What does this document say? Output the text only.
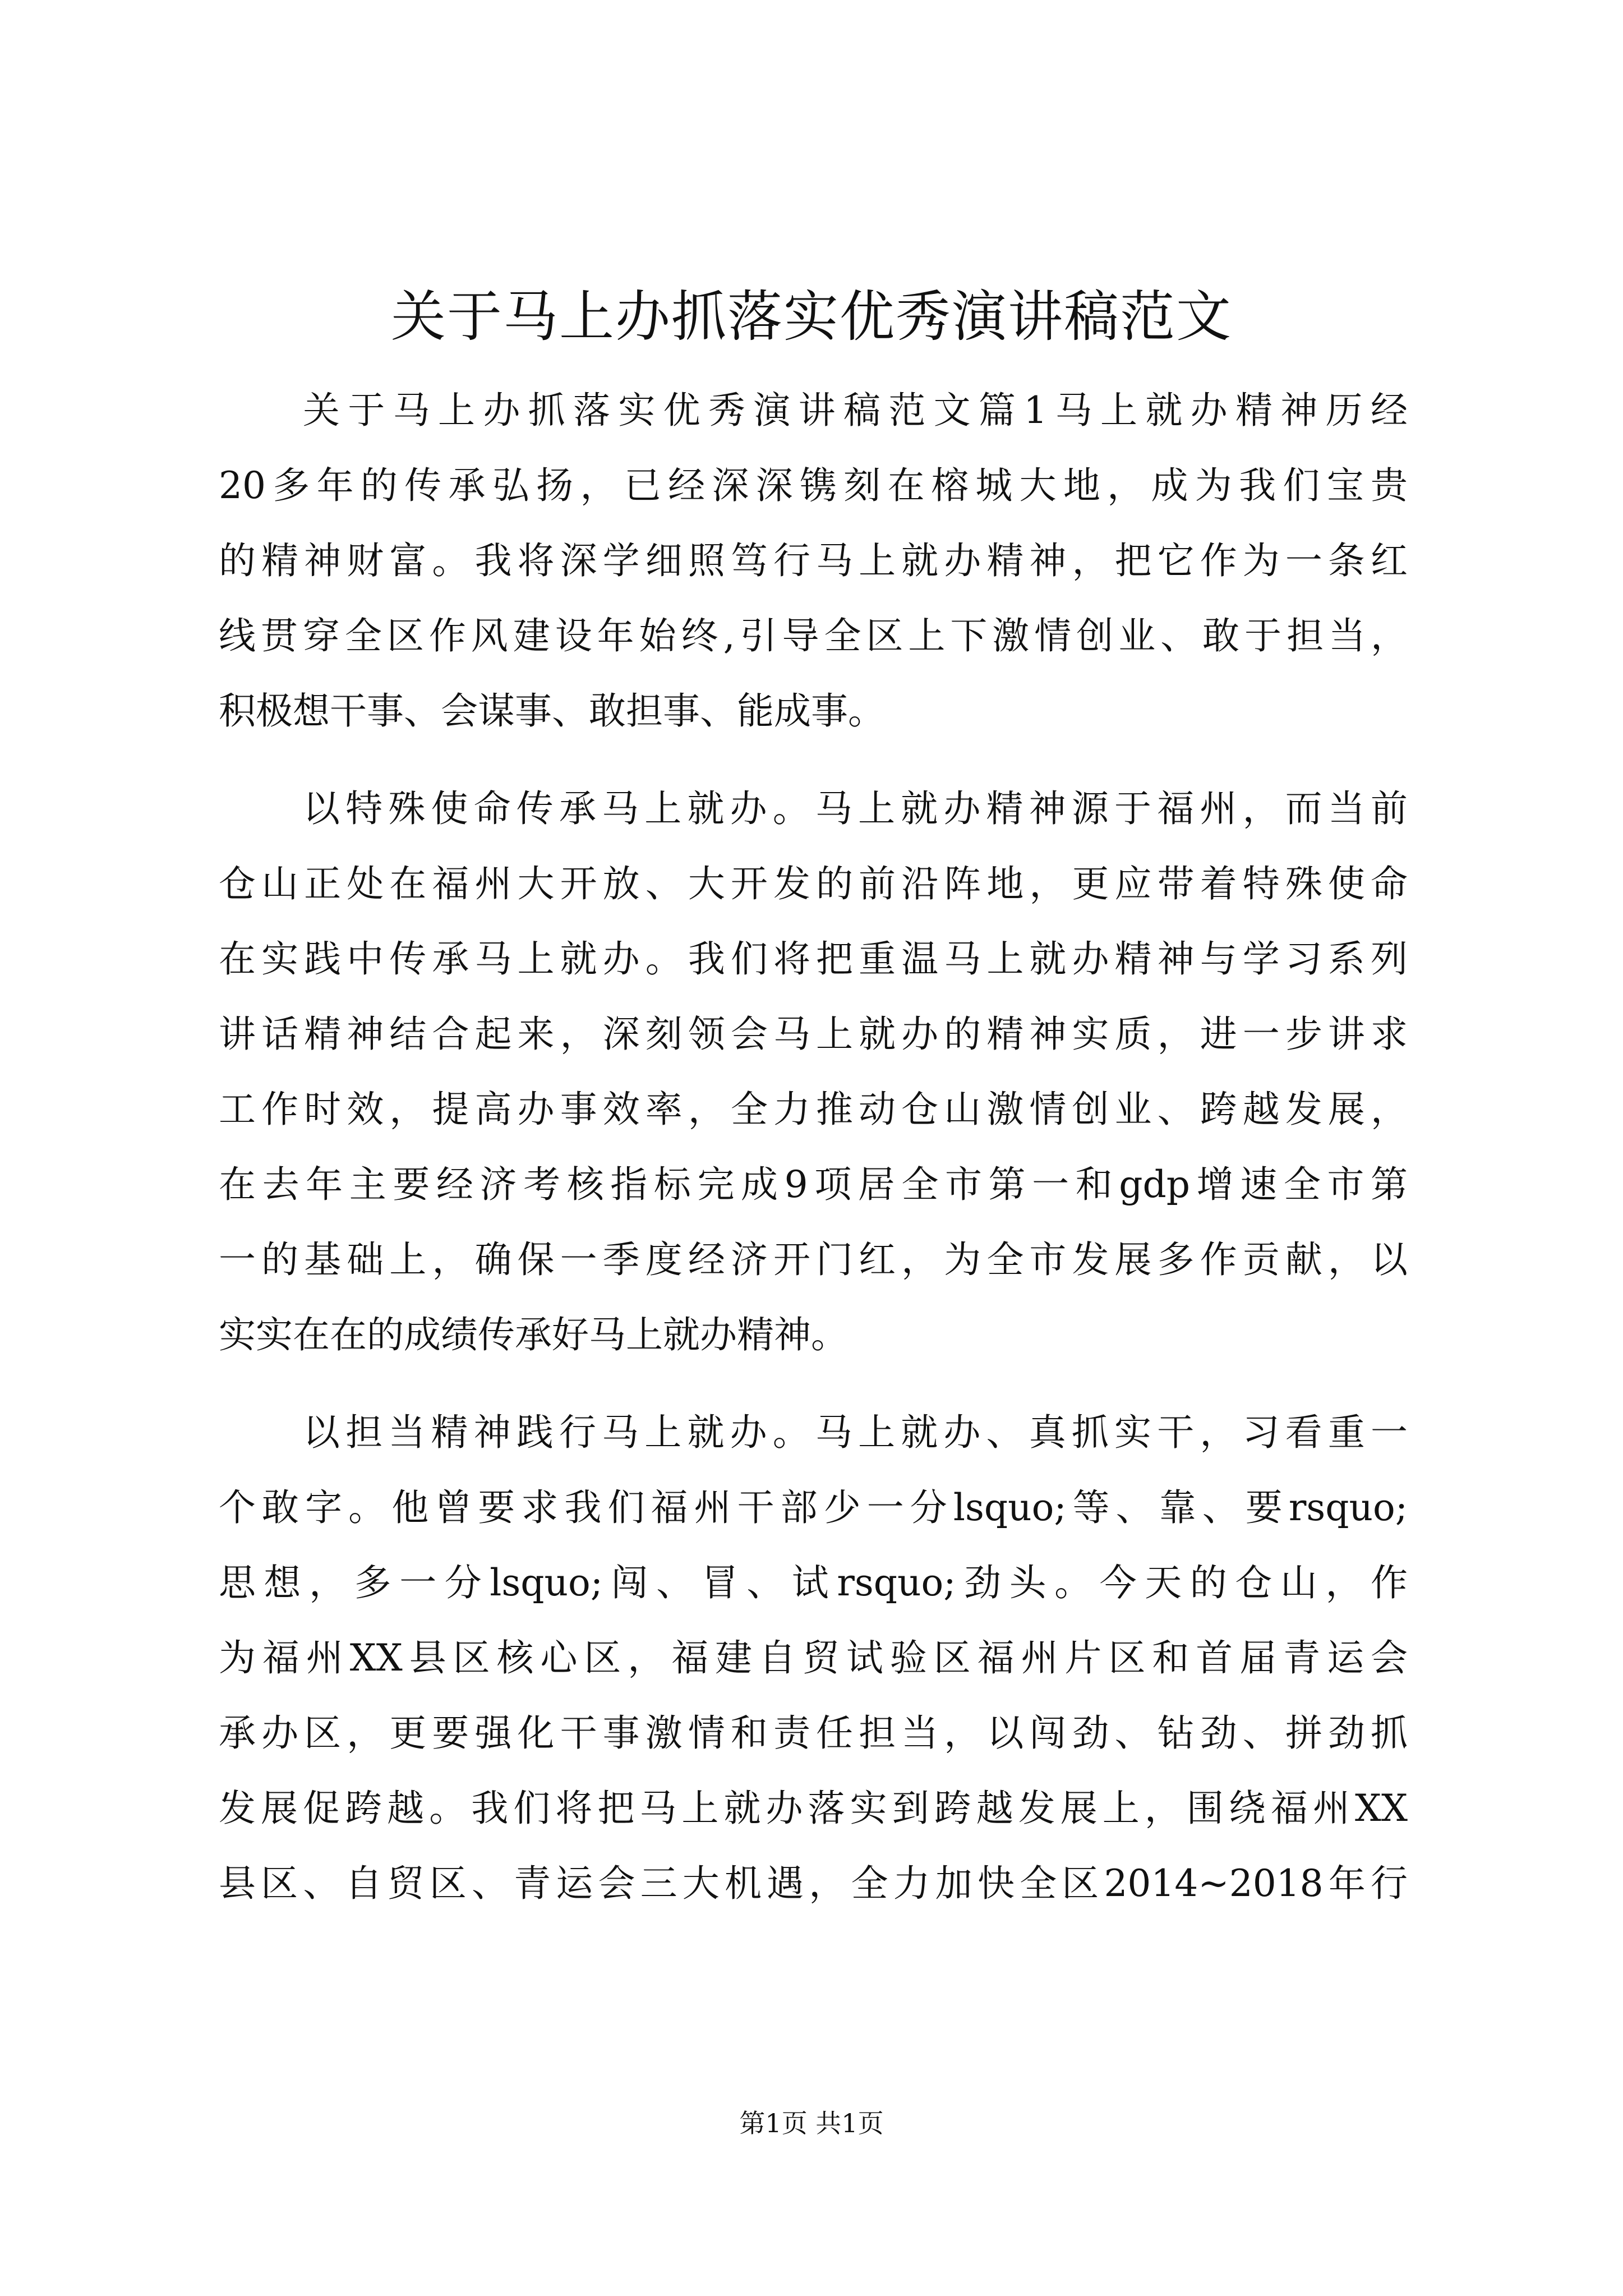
关于马上办抓落实优秀演讲稿范文
关于马上办抓落实优秀演讲稿范文篇1马上就办精神历经
20多年的传承弘扬，已经深深镌刻在榕城大地，成为我们宝贵
的精神财富。我将深学细照笃行马上就办精神，把它作为一条红
线贯穿全区作风建设年始终,引导全区上下激情创业、敢于担当，
积极想干事、会谋事、敢担事、能成事。
以特殊使命传承马上就办。马上就办精神源于福州，而当前
仓山正处在福州大开放、大开发的前沿阵地，更应带着特殊使命
在实践中传承马上就办。我们将把重温马上就办精神与学习系列
讲话精神结合起来，深刻领会马上就办的精神实质，进一步讲求
工作时效，提高办事效率，全力推动仓山激情创业、跨越发展，
在去年主要经济考核指标完成9项居全市第一和gdp增速全市第
一的基础上，确保一季度经济开门红，为全市发展多作贡献，以
实实在在的成绩传承好马上就办精神。
以担当精神践行马上就办。马上就办、真抓实干，习看重一
个敢字。他曾要求我们福州干部少一分lsquo;等、靠、要rsquo;
思想，多一分lsquo;闯、冒、试rsquo;劲头。今天的仓山，作
为福州XX县区核心区，福建自贸试验区福州片区和首届青运会
承办区，更要强化干事激情和责任担当，以闯劲、钻劲、拼劲抓
发展促跨越。我们将把马上就办落实到跨越发展上，围绕福州XX
县区、自贸区、青运会三大机遇，全力加快全区2014~2018年行
第1页 共1页
